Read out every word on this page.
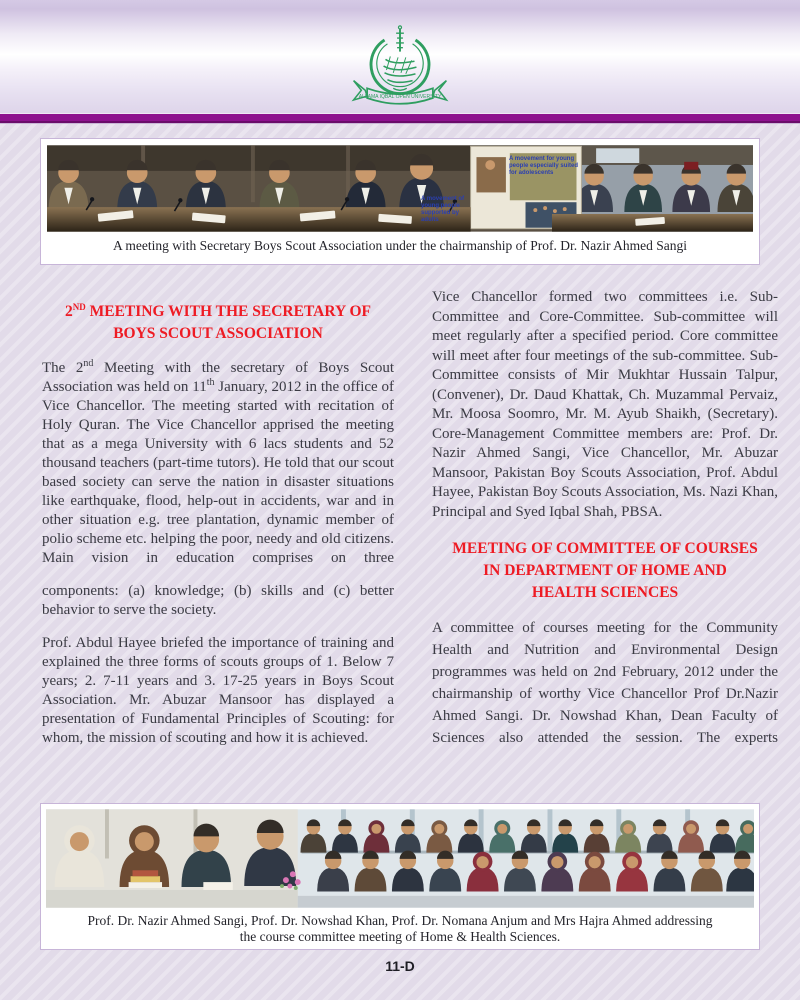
ALLAMA IQBAL OPEN UNIVERSITY
A movement for young people especially suited for adolescents
A movement of young people supported by adults
A meeting with Secretary Boys Scout Association under the chairmanship of Prof. Dr. Nazir Ahmed Sangi
2ND MEETING WITH THE SECRETARY OF
BOYS SCOUT ASSOCIATION

The 2nd Meeting with the secretary of Boys Scout Association was held on 11th January, 2012 in the office of Vice Chancellor. The meeting started with recitation of Holy Quran. The Vice Chancellor apprised the meeting that as a mega University with 6 lacs students and 52 thousand teachers (part-time tutors). He told that our scout based society can serve the nation in disaster situations like earthquake, flood, help-out in accidents, war and in other situation e.g. tree plantation, dynamic member of polio scheme etc. helping the poor, needy and old citizens. Main vision in education comprises on three

components: (a) knowledge; (b) skills and (c) better behavior to serve the society.

Prof. Abdul Hayee briefed the importance of training and explained the three forms of scouts groups of 1. Below 7 years; 2. 7-11 years and 3. 17-25 years in Boys Scout Association. Mr. Abuzar Mansoor has displayed a presentation of Fundamental Principles of Scouting: for whom, the mission of scouting and how it is achieved.

Vice Chancellor formed two committees i.e. Sub-Committee and Core-Committee. Sub-committee will meet regularly after a specified period. Core committee will meet after four meetings of the sub-committee. Sub-Committee consists of Mir Mukhtar Hussain Talpur, (Convener), Dr. Daud Khattak, Ch. Muzammal Pervaiz, Mr. Moosa Soomro, Mr. M. Ayub Shaikh, (Secretary). Core-Management Committee members are: Prof. Dr. Nazir Ahmed Sangi, Vice Chancellor, Mr. Abuzar Mansoor, Pakistan Boy Scouts Association, Prof. Abdul Hayee, Pakistan Boy Scouts Association, Ms. Nazi Khan, Principal and Syed Iqbal Shah, PBSA.

MEETING OF COMMITTEE OF COURSES IN DEPARTMENT OF HOME AND HEALTH SCIENCES

A committee of courses meeting for the Community Health and Nutrition and Environmental Design programmes was held on 2nd February, 2012 under the chairmanship of worthy Vice Chancellor Prof Dr.Nazir Ahmed Sangi. Dr. Nowshad Khan, Dean Faculty of Sciences also attended the session. The experts

Prof. Dr. Nazir Ahmed Sangi, Prof. Dr. Nowshad Khan, Prof. Dr. Nomana Anjum and Mrs Hajra Ahmed addressing
the course committee meeting of Home & Health Sciences.
11-D
